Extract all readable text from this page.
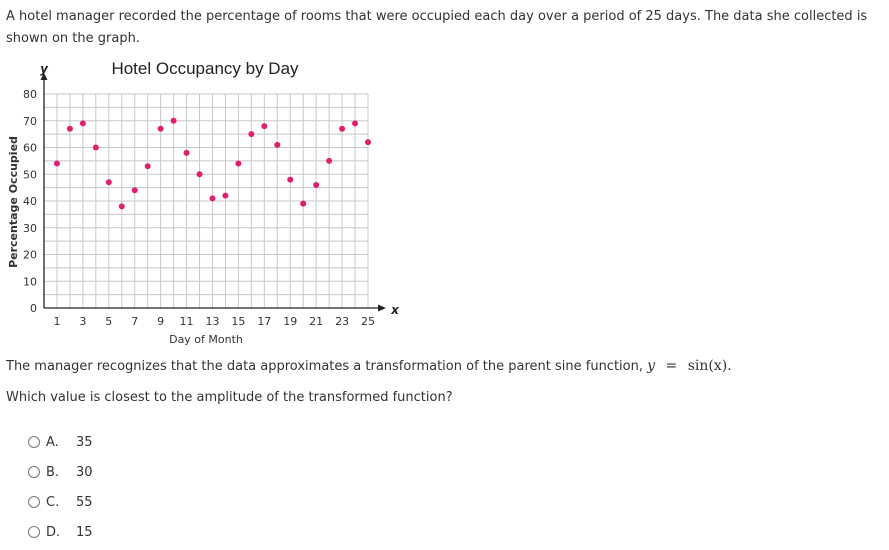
A hotel manager recorded the percentage of rooms that were occupied each day over a period of 25 days. The data she collected is shown on the graph.
Hotel Occupancy by Day
0
10
20
30
40
50
60
70
80
1 3 5 7 9 11 13 15 17 19 21 23 25
y
x
Day of Month
Percentage Occupied
The manager recognizes that the data approximates a transformation of the parent sine function, y = sin(x).
Which value is closest to the amplitude of the transformed function?
A.	35
B.	30
C.	55
D.	15
